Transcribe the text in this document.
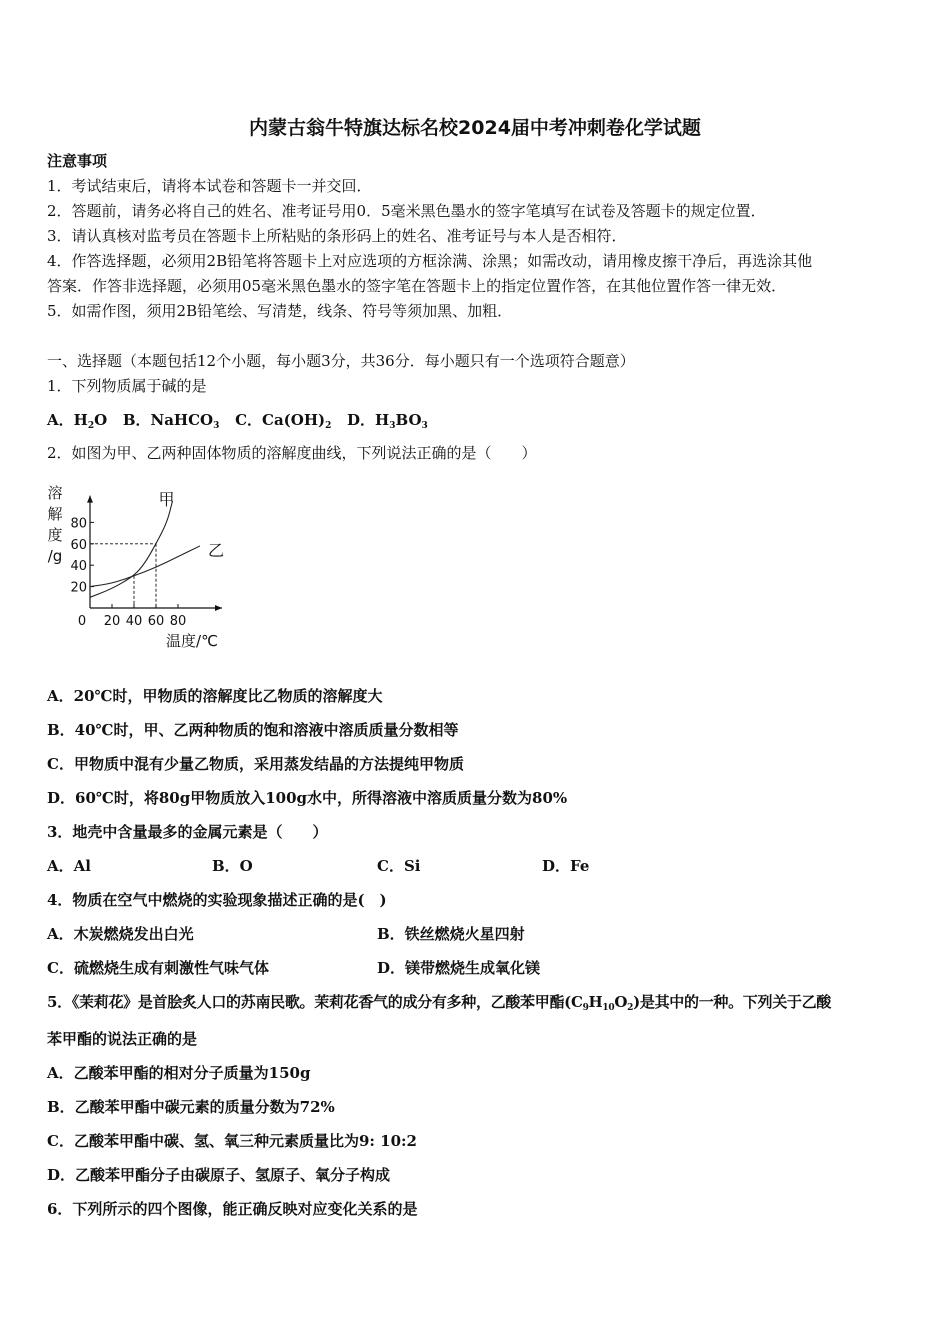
内蒙古翁牛特旗达标名校2024届中考冲刺卷化学试题
注意事项
1．考试结束后，请将本试卷和答题卡一并交回．
2．答题前，请务必将自己的姓名、准考证号用0．5毫米黑色墨水的签字笔填写在试卷及答题卡的规定位置．
3．请认真核对监考员在答题卡上所粘贴的条形码上的姓名、准考证号与本人是否相符．
4．作答选择题，必须用2B铅笔将答题卡上对应选项的方框涂满、涂黑；如需改动，请用橡皮擦干净后，再选涂其他
答案．作答非选择题，必须用05毫米黑色墨水的签字笔在答题卡上的指定位置作答，在其他位置作答一律无效．
5．如需作图，须用2B铅笔绘、写清楚，线条、符号等须加黑、加粗．
一、选择题（本题包括12个小题，每小题3分，共36分．每小题只有一个选项符合题意）
1．下列物质属于碱的是
A．$H_2O$ B．NaHCO$_3$ C．$Ca(OH)_2$ D．$H_3BO_3$
2．如图为甲、乙两种固体物质的溶解度曲线，下列说法正确的是（　　）
20 40 60 80
20
40
60
80
0
甲
乙
溶
解
度
/g
温度/℃
A．20℃时，甲物质的溶解度比乙物质的溶解度大
B．40℃时，甲、乙两种物质的饱和溶液中溶质质量分数相等
C．甲物质中混有少量乙物质，采用蒸发结晶的方法提纯甲物质
D．60℃时，将80g甲物质放入100g水中，所得溶液中溶质质量分数为80%
3．地壳中含量最多的金属元素是（　　）
A．Al	B．O	C．Si	D．Fe
4．物质在空气中燃烧的实验现象描述正确的是(　)
A．木炭燃烧发出白光	B．铁丝燃烧火星四射
C．硫燃烧生成有刺激性气味气体	D．镁带燃烧生成氧化镁
5．《茉莉花》是首脍炙人口的苏南民歌。茉莉花香气的成分有多种，乙酸苯甲酯$(C_9H_{10}O_2)$是其中的一种。下列关于乙酸
苯甲酯的说法正确的是
A．乙酸苯甲酯的相对分子质量为150g
B．乙酸苯甲酯中碳元素的质量分数为72%
C．乙酸苯甲酯中碳、氢、氧三种元素质量比为9: 10:2
D．乙酸苯甲酯分子由碳原子、氢原子、氧分子构成
6．下列所示的四个图像，能正确反映对应变化关系的是
